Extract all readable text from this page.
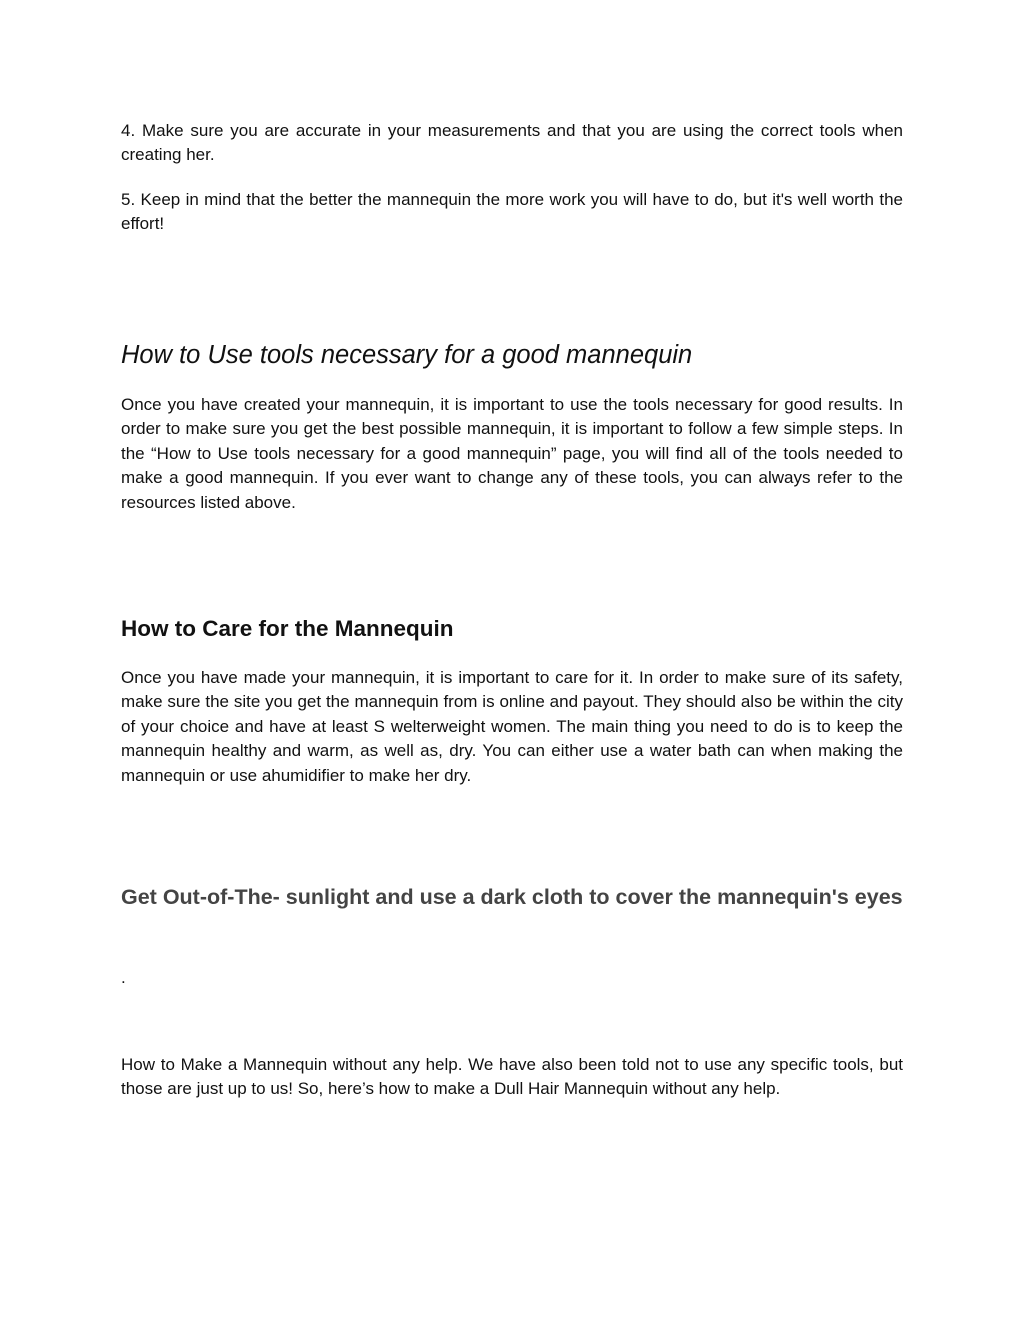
4. Make sure you are accurate in your measurements and that you are using the correct tools when creating her.

5. Keep in mind that the better the mannequin the more work you will have to do, but it's well worth the effort!

How to Use tools necessary for a good mannequin

Once you have created your mannequin, it is important to use the tools necessary for good results. In order to make sure you get the best possible mannequin, it is important to follow a few simple steps. In the “How to Use tools necessary for a good mannequin” page, you will find all of the tools needed to make a good mannequin. If you ever want to change any of these tools, you can always refer to the resources listed above.

How to Care for the Mannequin

Once you have made your mannequin, it is important to care for it. In order to make sure of its safety, make sure the site you get the mannequin from is online and payout. They should also be within the city of your choice and have at least S welterweight women. The main thing you need to do is to keep the mannequin healthy and warm, as well as, dry. You can either use a water bath can when making the mannequin or use ahumidifier to make her dry.

Get Out-of-The- sunlight and use a dark cloth to cover the mannequin's eyes

.

How to Make a Mannequin without any help. We have also been told not to use any specific tools, but those are just up to us! So, here’s how to make a Dull Hair Mannequin without any help.
